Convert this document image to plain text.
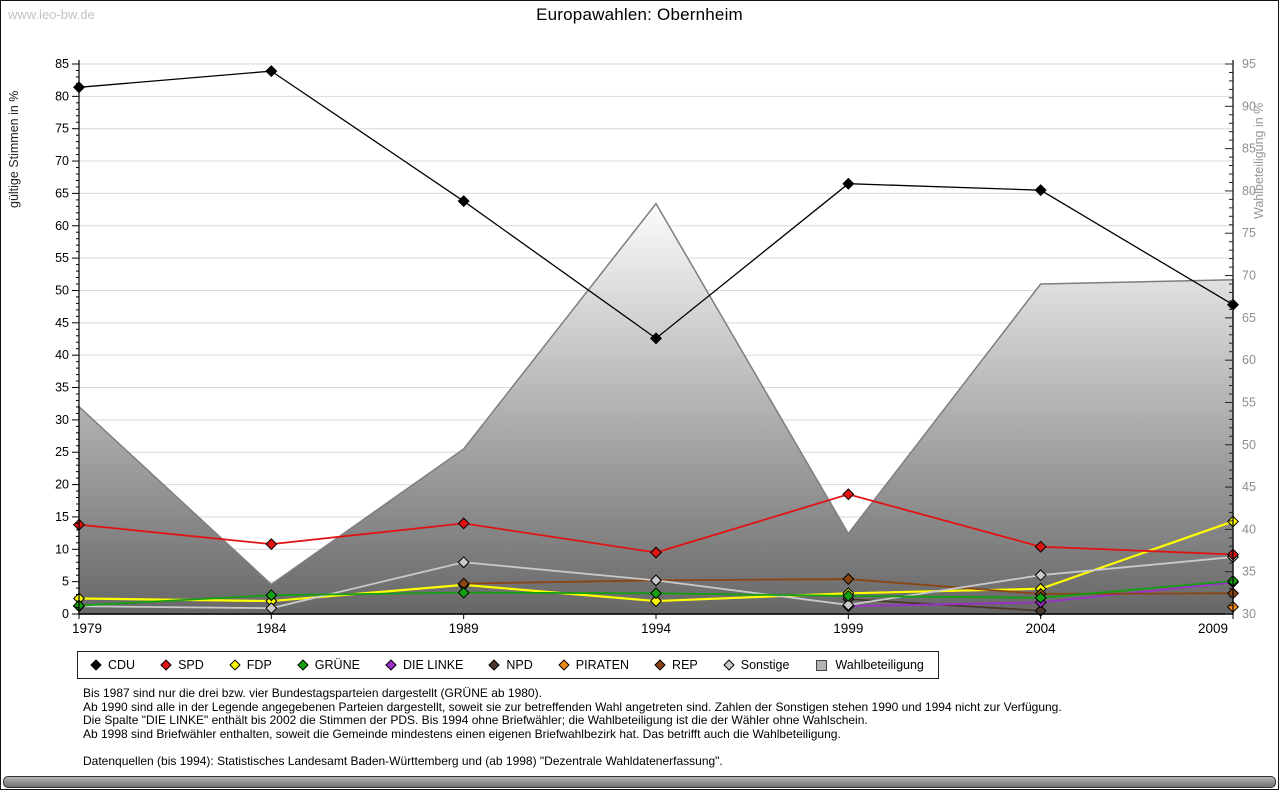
www.leo-bw.de	Europawahlen: Obernheim
0
5
10
15
20
25
30
35
40
45
50
55
60
65
70
75
80
85
30
35
40
45
50
55
60
65
70
75
80
85
90
95
1979	1984	1989	1994	1999	2004	2009
gültige Stimmen in %	Wahlbeteiligung in %
CDU	SPD	FDP	GRÜNE	DIE LINKE	NPD	PIRATEN	REP	Sonstige	Wahlbeteiligung
Bis 1987 sind nur die drei bzw. vier Bundestagsparteien dargestellt (GRÜNE ab 1980).
Ab 1990 sind alle in der Legende angegebenen Parteien dargestellt, soweit sie zur betreffenden Wahl angetreten sind. Zahlen der Sonstigen stehen 1990 und 1994 nicht zur Verfügung.
Die Spalte "DIE LINKE" enthält bis 2002 die Stimmen der PDS. Bis 1994 ohne Briefwähler; die Wahlbeteiligung ist die der Wähler ohne Wahlschein.
Ab 1998 sind Briefwähler enthalten, soweit die Gemeinde mindestens einen eigenen Briefwahlbezirk hat. Das betrifft auch die Wahlbeteiligung.
Datenquellen (bis 1994): Statistisches Landesamt Baden-Württemberg und (ab 1998) "Dezentrale Wahldatenerfassung".
